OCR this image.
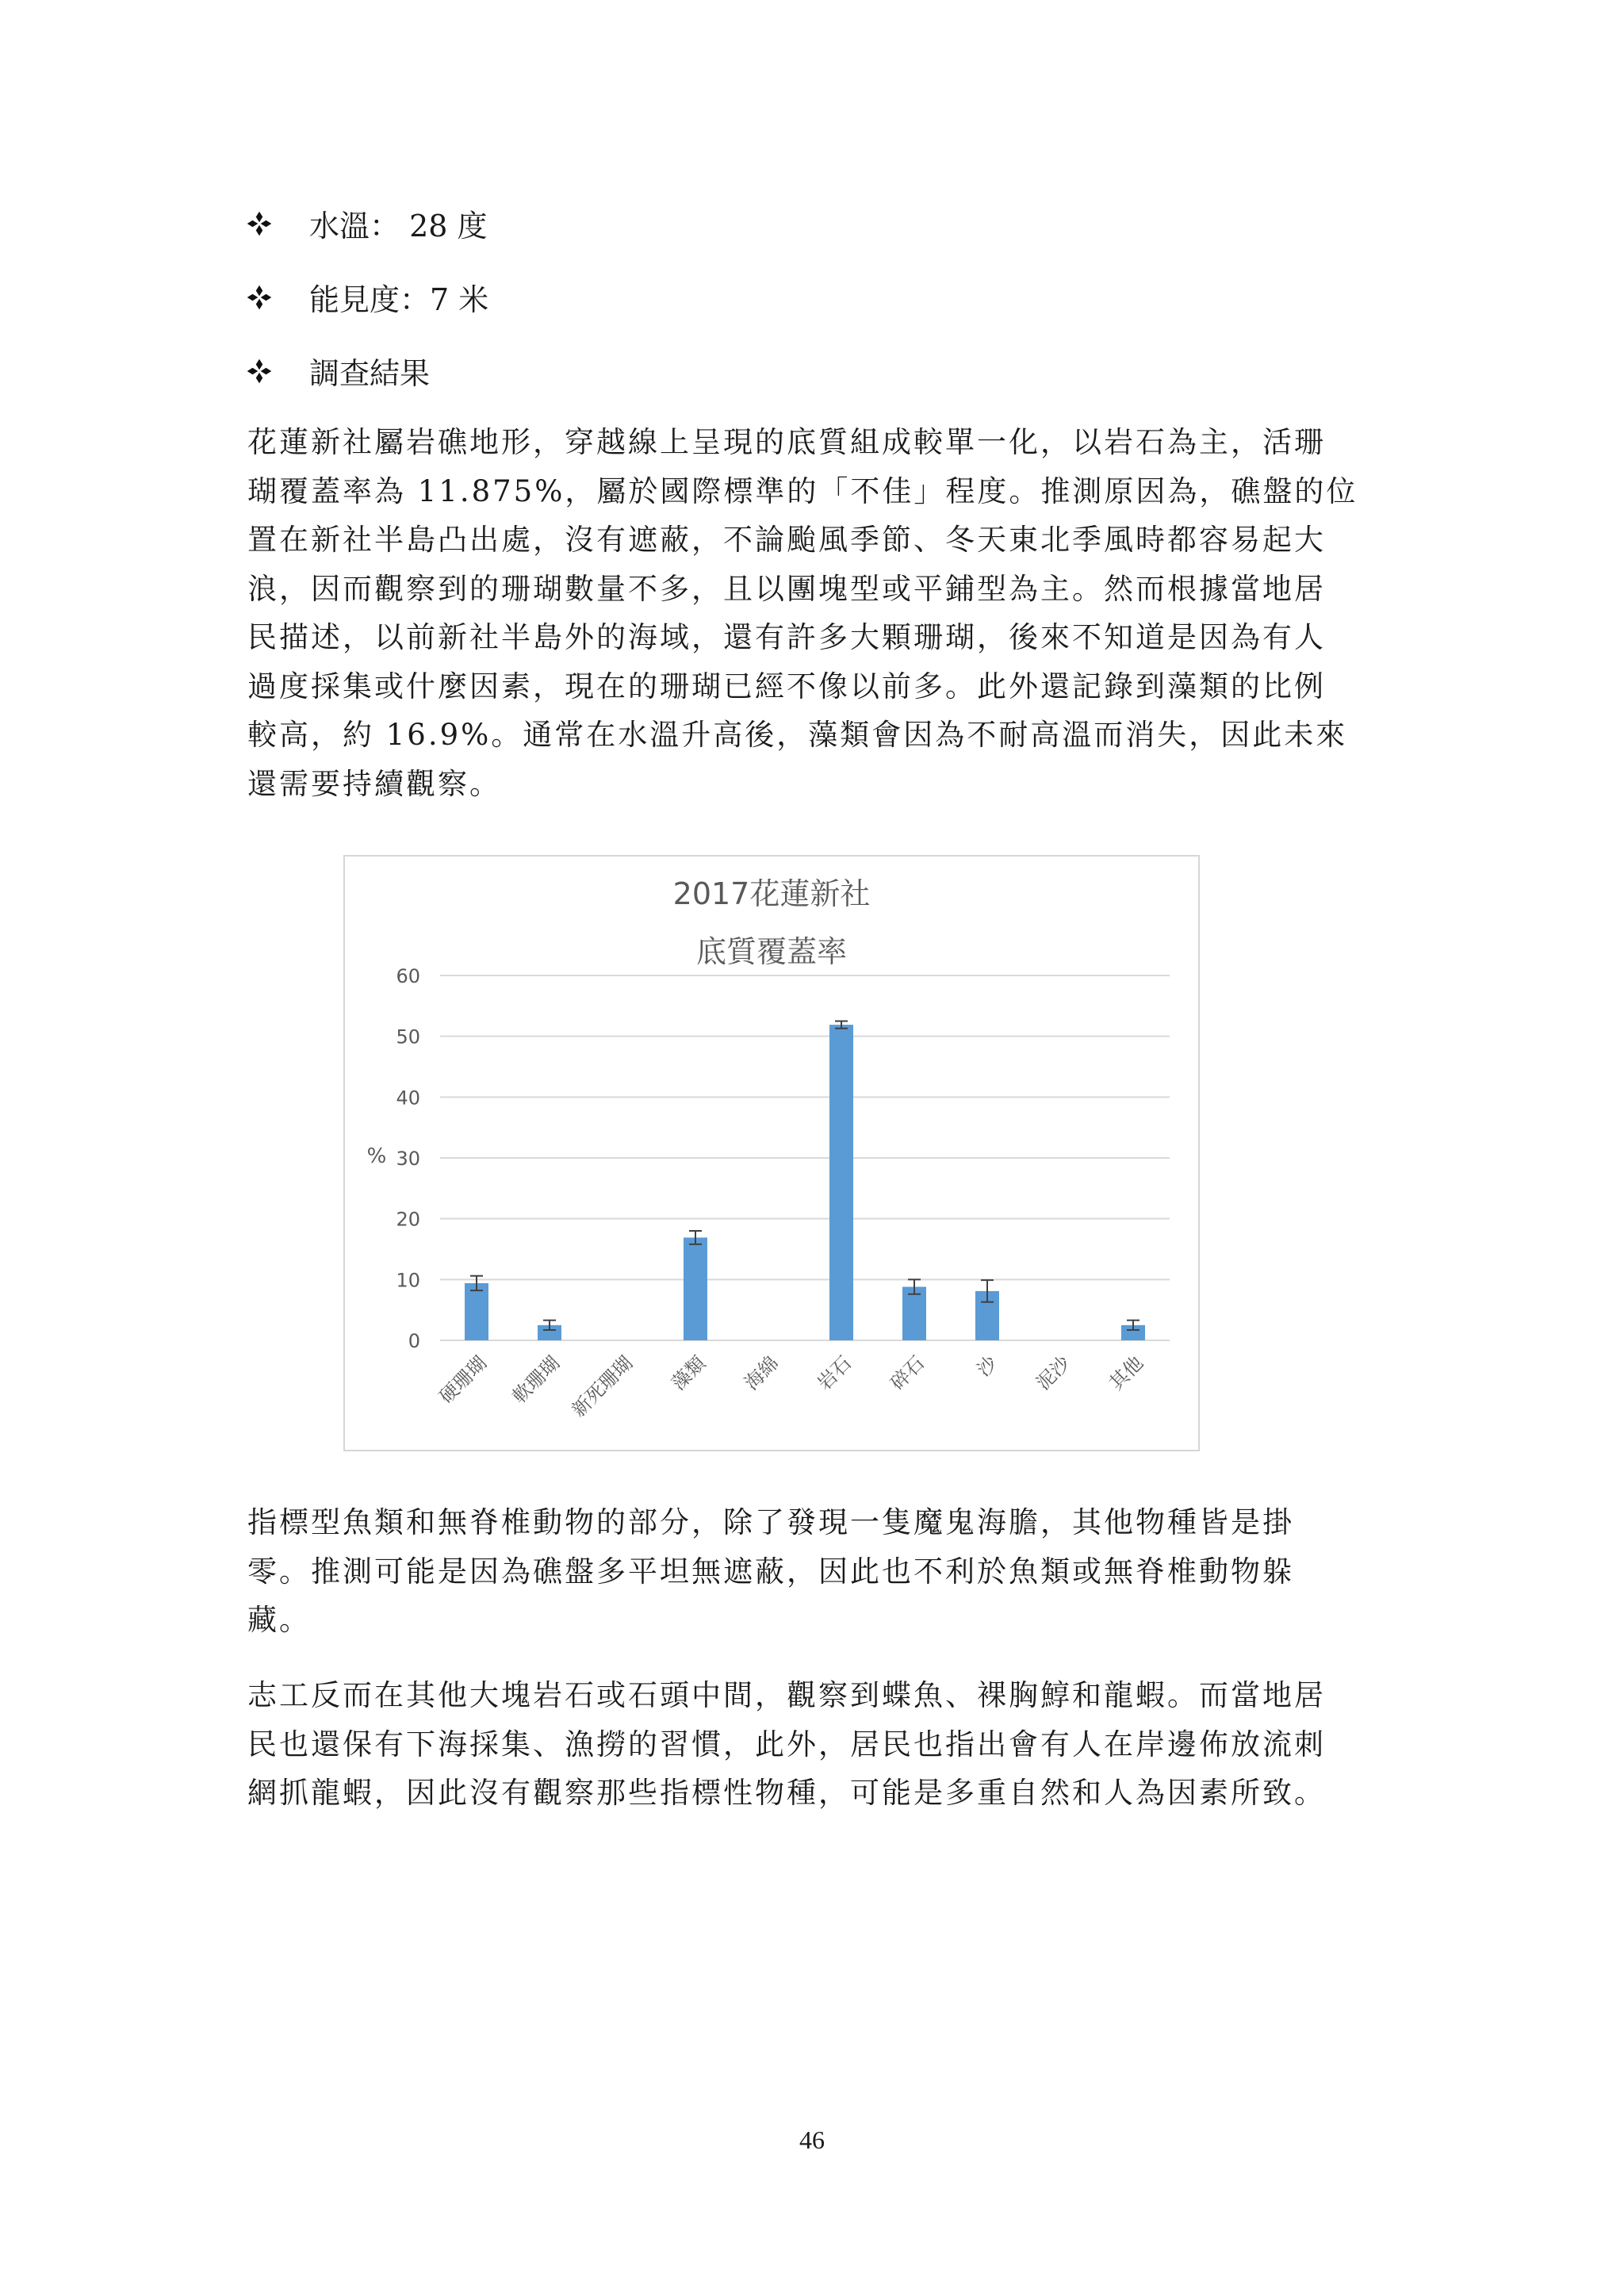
水溫： 28 度
能見度：7 米
調查結果
花蓮新社屬岩礁地形，穿越線上呈現的底質組成較單一化，以岩石為主，活珊
瑚覆蓋率為 11.875%，屬於國際標準的「不佳」程度。推測原因為，礁盤的位
置在新社半島凸出處，沒有遮蔽，不論颱風季節、冬天東北季風時都容易起大
浪，因而觀察到的珊瑚數量不多，且以團塊型或平鋪型為主。然而根據當地居
民描述，以前新社半島外的海域，還有許多大顆珊瑚，後來不知道是因為有人
過度採集或什麼因素，現在的珊瑚已經不像以前多。此外還記錄到藻類的比例
較高，約 16.9%。通常在水溫升高後，藻類會因為不耐高溫而消失，因此未來
還需要持續觀察。
2017花蓮新社
底質覆蓋率
%
0
10
20
30
40
50
60
硬珊瑚 軟珊瑚 新死珊瑚 藻類 海綿 岩石 碎石 沙 泥沙 其他
指標型魚類和無脊椎動物的部分，除了發現一隻魔鬼海膽，其他物種皆是掛
零。推測可能是因為礁盤多平坦無遮蔽，因此也不利於魚類或無脊椎動物躲
藏。
志工反而在其他大塊岩石或石頭中間，觀察到蝶魚、裸胸鯙和龍蝦。而當地居
民也還保有下海採集、漁撈的習慣，此外，居民也指出會有人在岸邊佈放流刺
網抓龍蝦，因此沒有觀察那些指標性物種，可能是多重自然和人為因素所致。
46
